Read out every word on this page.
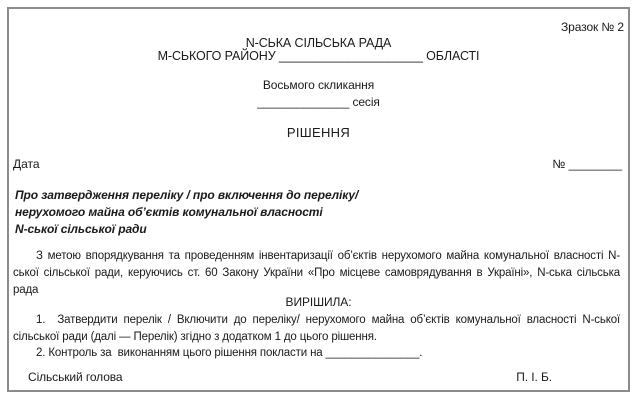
Зразок № 2
N-СЬКА СІЛЬСЬКА РАДА
М-СЬКОГО РАЙОНУ _____________________ ОБЛАСТІ
Восьмого скликання
______________ сесія
РІШЕННЯ
Дата	№ ________
Про затвердження переліку / про включення до переліку/
нерухомого майна об’єктів комунальної власності
N-ської сільської ради

З метою впорядкування та проведенням інвентаризації об’єктів нерухомого майна комунальної власності N-ської сільської ради, керуючись ст. 60 Закону України «Про місцеве самоврядування в Україні», N-ська сільська рада

ВИРІШИЛА:

1.  Затвердити перелік / Включити до переліку/ нерухомого майна об’єктів комунальної власності N-ської сільської ради (далі — Перелік) згідно з додатком 1 до цього рішення.

2. Контроль за  виконанням цього рішення покласти на _______________.

Сільський голова	П. І. Б.
